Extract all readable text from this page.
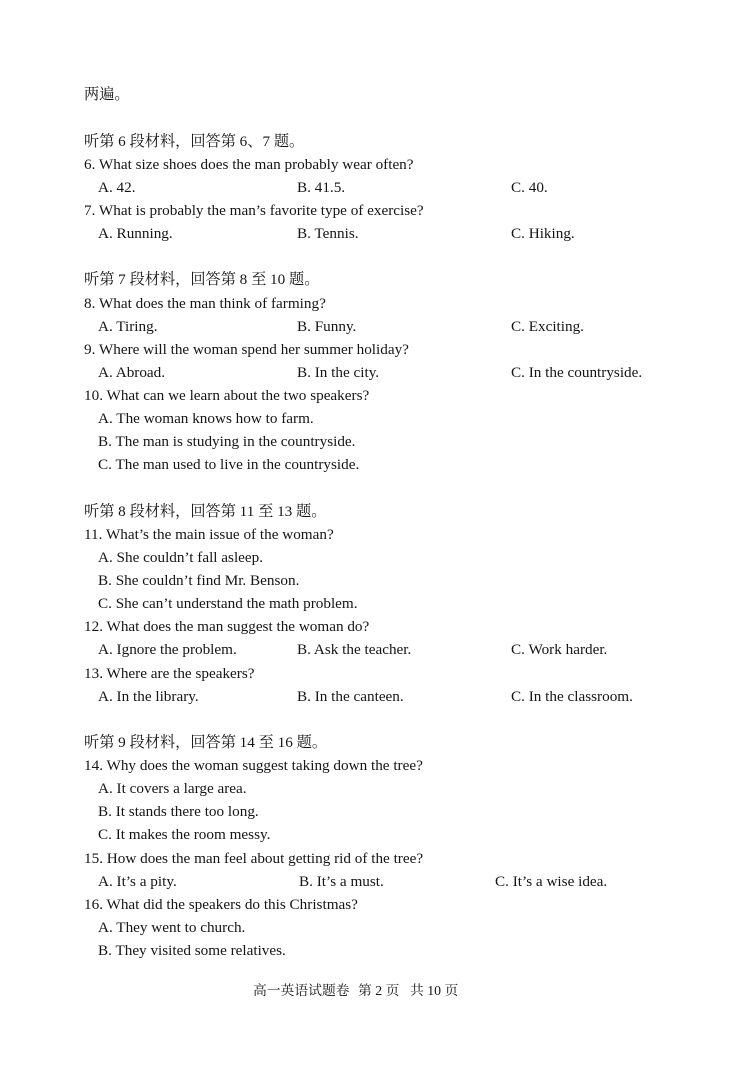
两遍。
听第 6 段材料，回答第 6、7 题。
6. What size shoes does the man probably wear often?
A. 42.	B. 41.5.	C. 40.
7. What is probably the man’s favorite type of exercise?
A. Running.	B. Tennis.	C. Hiking.
听第 7 段材料，回答第 8 至 10 题。
8. What does the man think of farming?
A. Tiring.	B. Funny.	C. Exciting.
9. Where will the woman spend her summer holiday?
A. Abroad.	B. In the city.	C. In the countryside.
10. What can we learn about the two speakers?
A. The woman knows how to farm.
B. The man is studying in the countryside.
C. The man used to live in the countryside.
听第 8 段材料，回答第 11 至 13 题。
11. What’s the main issue of the woman?
A. She couldn’t fall asleep.
B. She couldn’t find Mr. Benson.
C. She can’t understand the math problem.
12. What does the man suggest the woman do?
A. Ignore the problem.	B. Ask the teacher.	C. Work harder.
13. Where are the speakers?
A. In the library.	B. In the canteen.	C. In the classroom.
听第 9 段材料，回答第 14 至 16 题。
14. Why does the woman suggest taking down the tree?
A. It covers a large area.
B. It stands there too long.
C. It makes the room messy.
15. How does the man feel about getting rid of the tree?
A. It’s a pity.	B. It’s a must.	C. It’s a wise idea.
16. What did the speakers do this Christmas?
A. They went to church.
B. They visited some relatives.
高一英语试题卷 第 2 页 共 10 页
